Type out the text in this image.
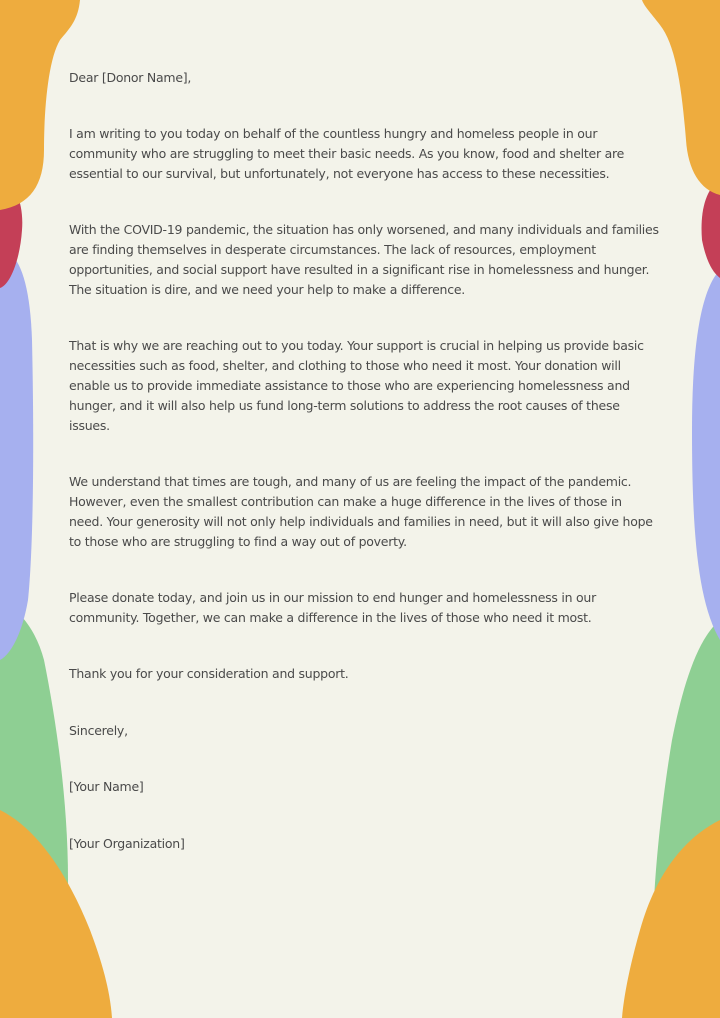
Dear [Donor Name],

I am writing to you today on behalf of the countless hungry and homeless people in our community who are struggling to meet their basic needs. As you know, food and shelter are essential to our survival, but unfortunately, not everyone has access to these necessities.

With the COVID-19 pandemic, the situation has only worsened, and many individuals and families are finding themselves in desperate circumstances. The lack of resources, employment opportunities, and social support have resulted in a significant rise in homelessness and hunger. The situation is dire, and we need your help to make a difference.

That is why we are reaching out to you today. Your support is crucial in helping us provide basic necessities such as food, shelter, and clothing to those who need it most. Your donation will enable us to provide immediate assistance to those who are experiencing homelessness and hunger, and it will also help us fund long-term solutions to address the root causes of these issues.

We understand that times are tough, and many of us are feeling the impact of the pandemic. However, even the smallest contribution can make a huge difference in the lives of those in need. Your generosity will not only help individuals and families in need, but it will also give hope to those who are struggling to find a way out of poverty.

Please donate today, and join us in our mission to end hunger and homelessness in our community. Together, we can make a difference in the lives of those who need it most.

Thank you for your consideration and support.

Sincerely,

[Your Name]

[Your Organization]
